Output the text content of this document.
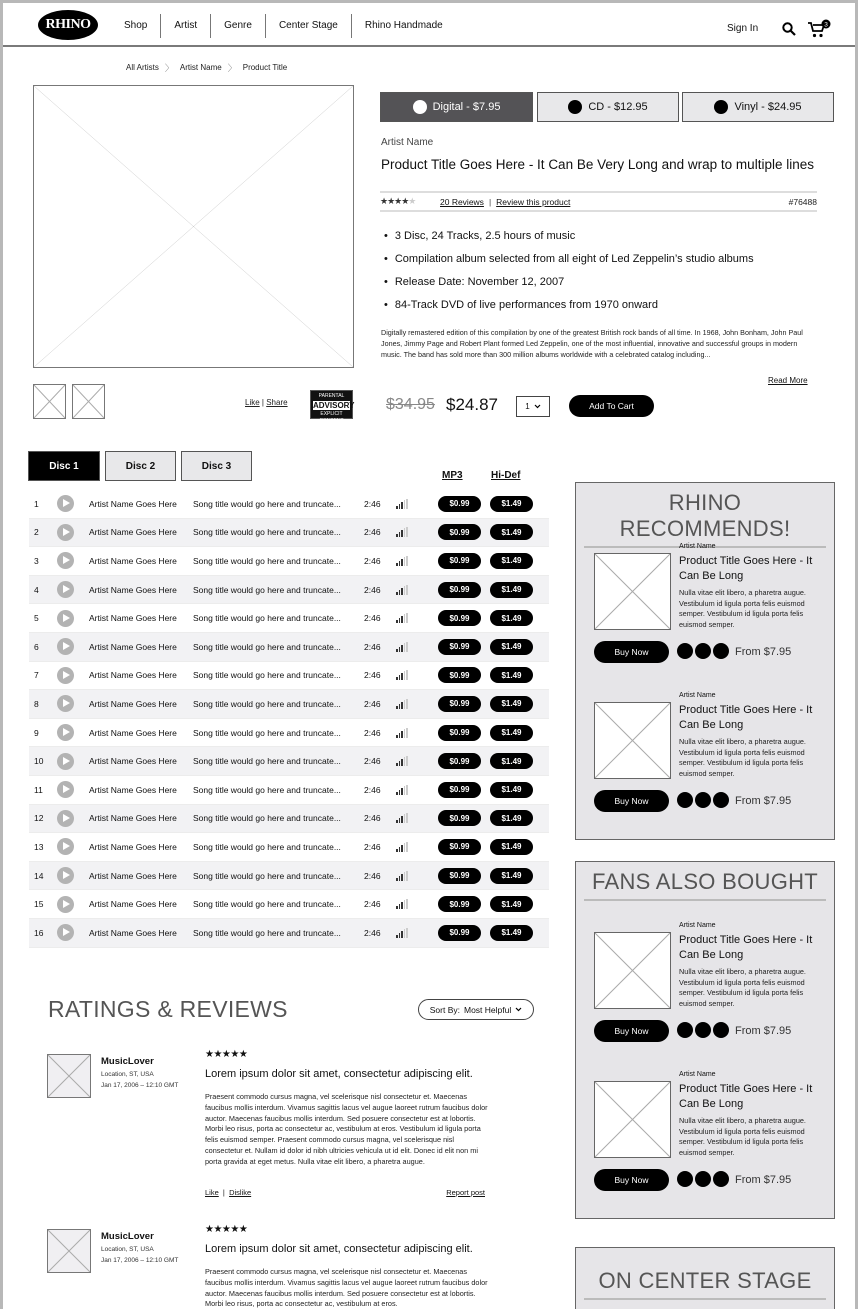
RHINO	Shop	Artist	Genre	Center Stage	Rhino Handmade	Sign In	3
All Artists 〉 Artist Name 〉 Product Title
Like | Share
PARENTAL
ADVISORY
EXPLICIT CONTENT
Digital - $7.95	CD - $12.95	Vinyl - $24.95
Artist Name
Product Title Goes Here - It Can Be Very Long and wrap to multiple lines
★★★★★	20 Reviews | Review this product	#76488
• 3 Disc, 24 Tracks, 2.5 hours of music
• Compilation album selected from all eight of Led Zeppelin’s studio albums
• Release Date: November 12, 2007
• 84-Track DVD of live performances from 1970 onward
Digitally remastered edition of this compilation by one of the greatest British rock bands of all time. In 1968, John Bonham, John Paul Jones, Jimmy Page and Robert Plant formed Led Zeppelin, one of the most influential, innovative and successful groups in modern music. The band has sold more than 300 million albums worldwide with a celebrated catalog including...
Read More
$34.95 $24.87	1	Add To Cart
Disc 1	Disc 2	Disc 3
MP3	Hi-Def
1	Artist Name Goes Here	Song title would go here and truncate...	2:46	$0.99	$1.49
2	Artist Name Goes Here	Song title would go here and truncate...	2:46	$0.99	$1.49
3	Artist Name Goes Here	Song title would go here and truncate...	2:46	$0.99	$1.49
4	Artist Name Goes Here	Song title would go here and truncate...	2:46	$0.99	$1.49
5	Artist Name Goes Here	Song title would go here and truncate...	2:46	$0.99	$1.49
6	Artist Name Goes Here	Song title would go here and truncate...	2:46	$0.99	$1.49
7	Artist Name Goes Here	Song title would go here and truncate...	2:46	$0.99	$1.49
8	Artist Name Goes Here	Song title would go here and truncate...	2:46	$0.99	$1.49
9	Artist Name Goes Here	Song title would go here and truncate...	2:46	$0.99	$1.49
10	Artist Name Goes Here	Song title would go here and truncate...	2:46	$0.99	$1.49
11	Artist Name Goes Here	Song title would go here and truncate...	2:46	$0.99	$1.49
12	Artist Name Goes Here	Song title would go here and truncate...	2:46	$0.99	$1.49
13	Artist Name Goes Here	Song title would go here and truncate...	2:46	$0.99	$1.49
14	Artist Name Goes Here	Song title would go here and truncate...	2:46	$0.99	$1.49
15	Artist Name Goes Here	Song title would go here and truncate...	2:46	$0.99	$1.49
16	Artist Name Goes Here	Song title would go here and truncate...	2:46	$0.99	$1.49
RATINGS & REVIEWS	Sort By: Most Helpful
MusicLover
Location, ST, USA
Jan 17, 2006 – 12:10 GMT
★★★★★
Lorem ipsum dolor sit amet, consectetur adipiscing elit.
Praesent commodo cursus magna, vel scelerisque nisl consectetur et. Maecenas faucibus mollis interdum. Vivamus sagittis lacus vel augue laoreet rutrum faucibus dolor auctor. Maecenas faucibus mollis interdum. Sed posuere consectetur est at lobortis. Morbi leo risus, porta ac consectetur ac, vestibulum at eros. Vestibulum id ligula porta felis euismod semper. Praesent commodo cursus magna, vel scelerisque nisl consectetur et. Nullam id dolor id nibh ultricies vehicula ut id elit. Donec id elit non mi porta gravida at eget metus. Nulla vitae elit libero, a pharetra augue.
Like  |  Dislike	Report post
MusicLover
Location, ST, USA
Jan 17, 2006 – 12:10 GMT
★★★★★
Lorem ipsum dolor sit amet, consectetur adipiscing elit.
Praesent commodo cursus magna, vel scelerisque nisl consectetur et. Maecenas faucibus mollis interdum. Vivamus sagittis lacus vel augue laoreet rutrum faucibus dolor auctor. Maecenas faucibus mollis interdum. Sed posuere consectetur est at lobortis. Morbi leo risus, porta ac consectetur ac, vestibulum at eros.
RHINO RECOMMENDS!
Artist Name
Product Title Goes Here - It Can Be Long
Nulla vitae elit libero, a pharetra augue. Vestibulum id ligula porta felis euismod semper. Vestibulum id ligula porta felis euismod semper.
Buy Now	From $7.95
Artist Name
Product Title Goes Here - It Can Be Long
Nulla vitae elit libero, a pharetra augue. Vestibulum id ligula porta felis euismod semper. Vestibulum id ligula porta felis euismod semper.
Buy Now	From $7.95
FANS ALSO BOUGHT
Artist Name
Product Title Goes Here - It Can Be Long
Nulla vitae elit libero, a pharetra augue. Vestibulum id ligula porta felis euismod semper. Vestibulum id ligula porta felis euismod semper.
Buy Now	From $7.95
Artist Name
Product Title Goes Here - It Can Be Long
Nulla vitae elit libero, a pharetra augue. Vestibulum id ligula porta felis euismod semper. Vestibulum id ligula porta felis euismod semper.
Buy Now	From $7.95
ON CENTER STAGE
